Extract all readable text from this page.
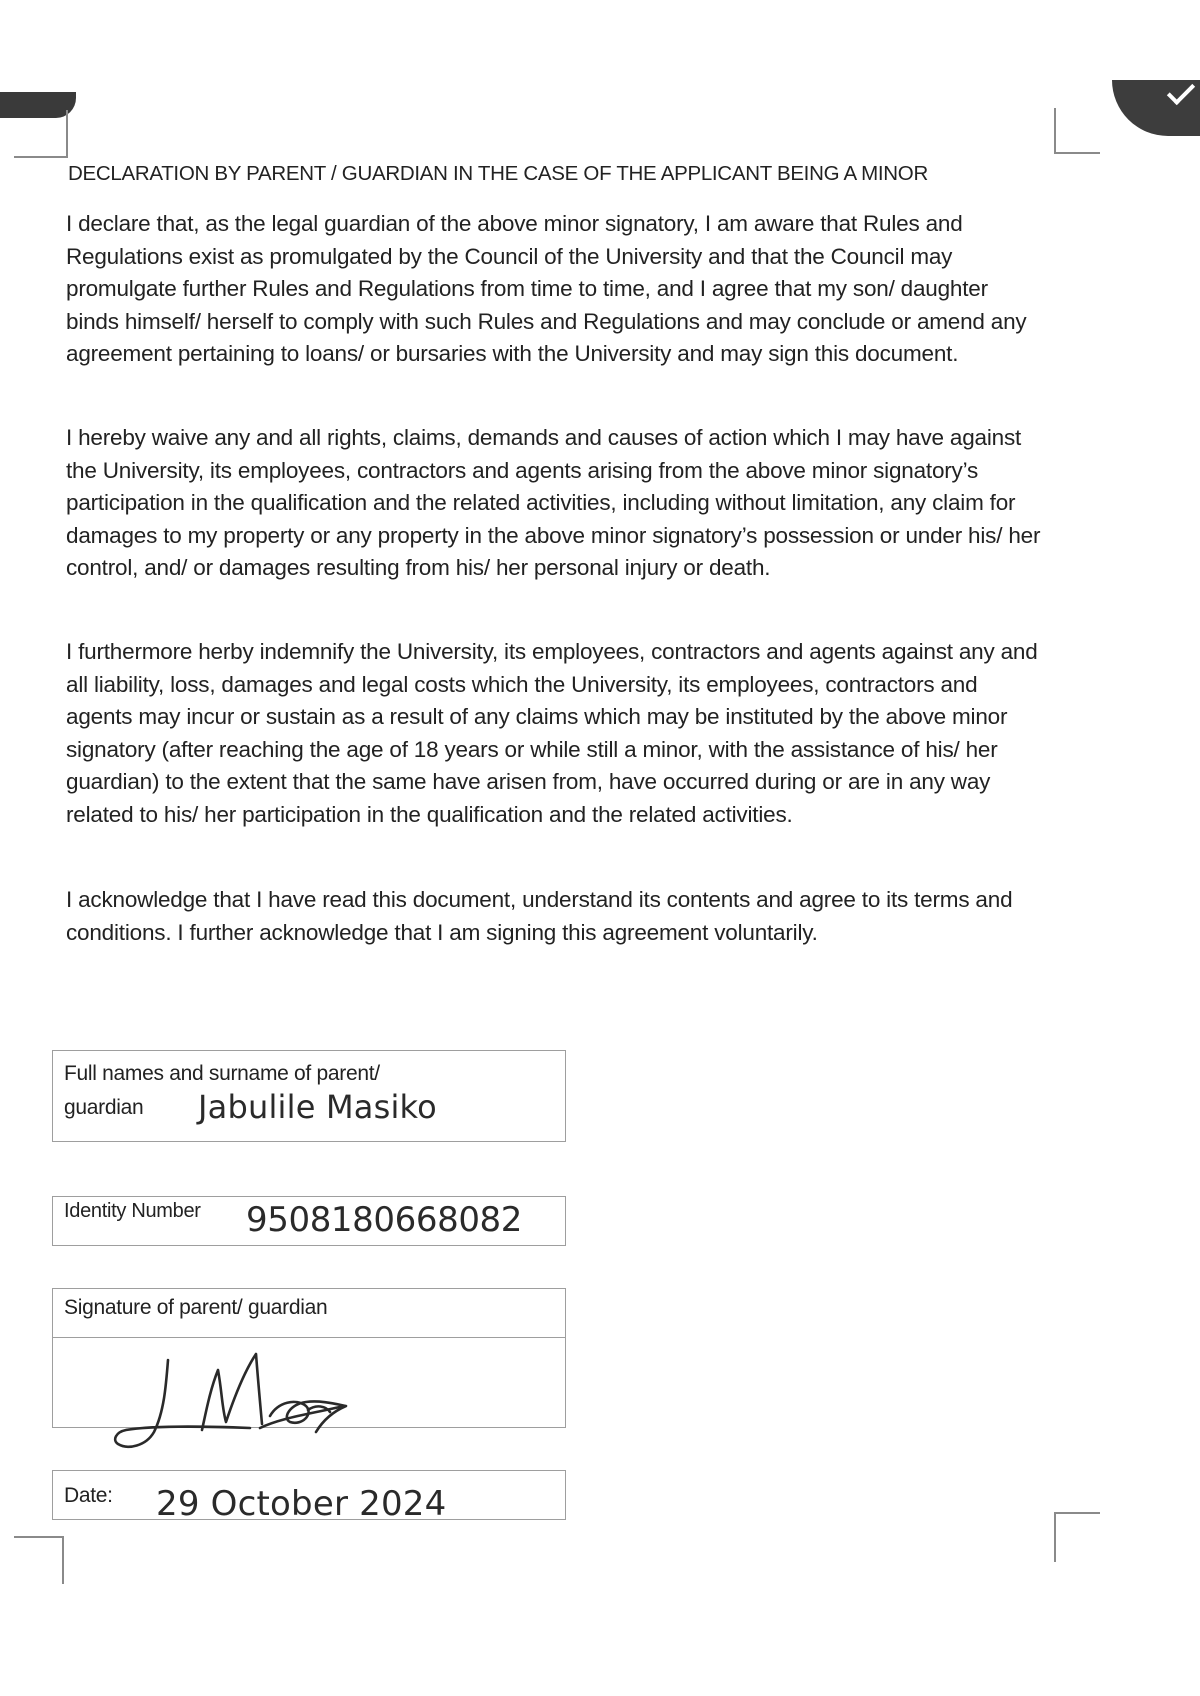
DECLARATION BY PARENT / GUARDIAN IN THE CASE OF THE APPLICANT BEING A MINOR

I declare that, as the legal guardian of the above minor signatory, I am aware that Rules and Regulations exist as promulgated by the Council of the University and that the Council may promulgate further Rules and Regulations from time to time, and I agree that my son/ daughter binds himself/ herself to comply with such Rules and Regulations and may conclude or amend any agreement pertaining to loans/ or bursaries with the University and may sign this document.

I hereby waive any and all rights, claims, demands and causes of action which I may have against the University, its employees, contractors and agents arising from the above minor signatory’s participation in the qualification and the related activities, including without limitation, any claim for damages to my property or any property in the above minor signatory’s possession or under his/ her control, and/ or damages resulting from his/ her personal injury or death.

I furthermore herby indemnify the University, its employees, contractors and agents against any and all liability, loss, damages and legal costs which the University, its employees, contractors and agents may incur or sustain as a result of any claims which may be instituted by the above minor signatory (after reaching the age of 18 years or while still a minor, with the assistance of his/ her guardian) to the extent that the same have arisen from, have occurred during or are in any way related to his/ her participation in the qualification and the related activities.

I acknowledge that I have read this document, understand its contents and agree to its terms and conditions. I further acknowledge that I am signing this agreement voluntarily.

Full names and surname of parent/
guardian Jabulile Masiko
Identity Number 9508180668082
Signature of parent/ guardian
Date: 29 October 2024
